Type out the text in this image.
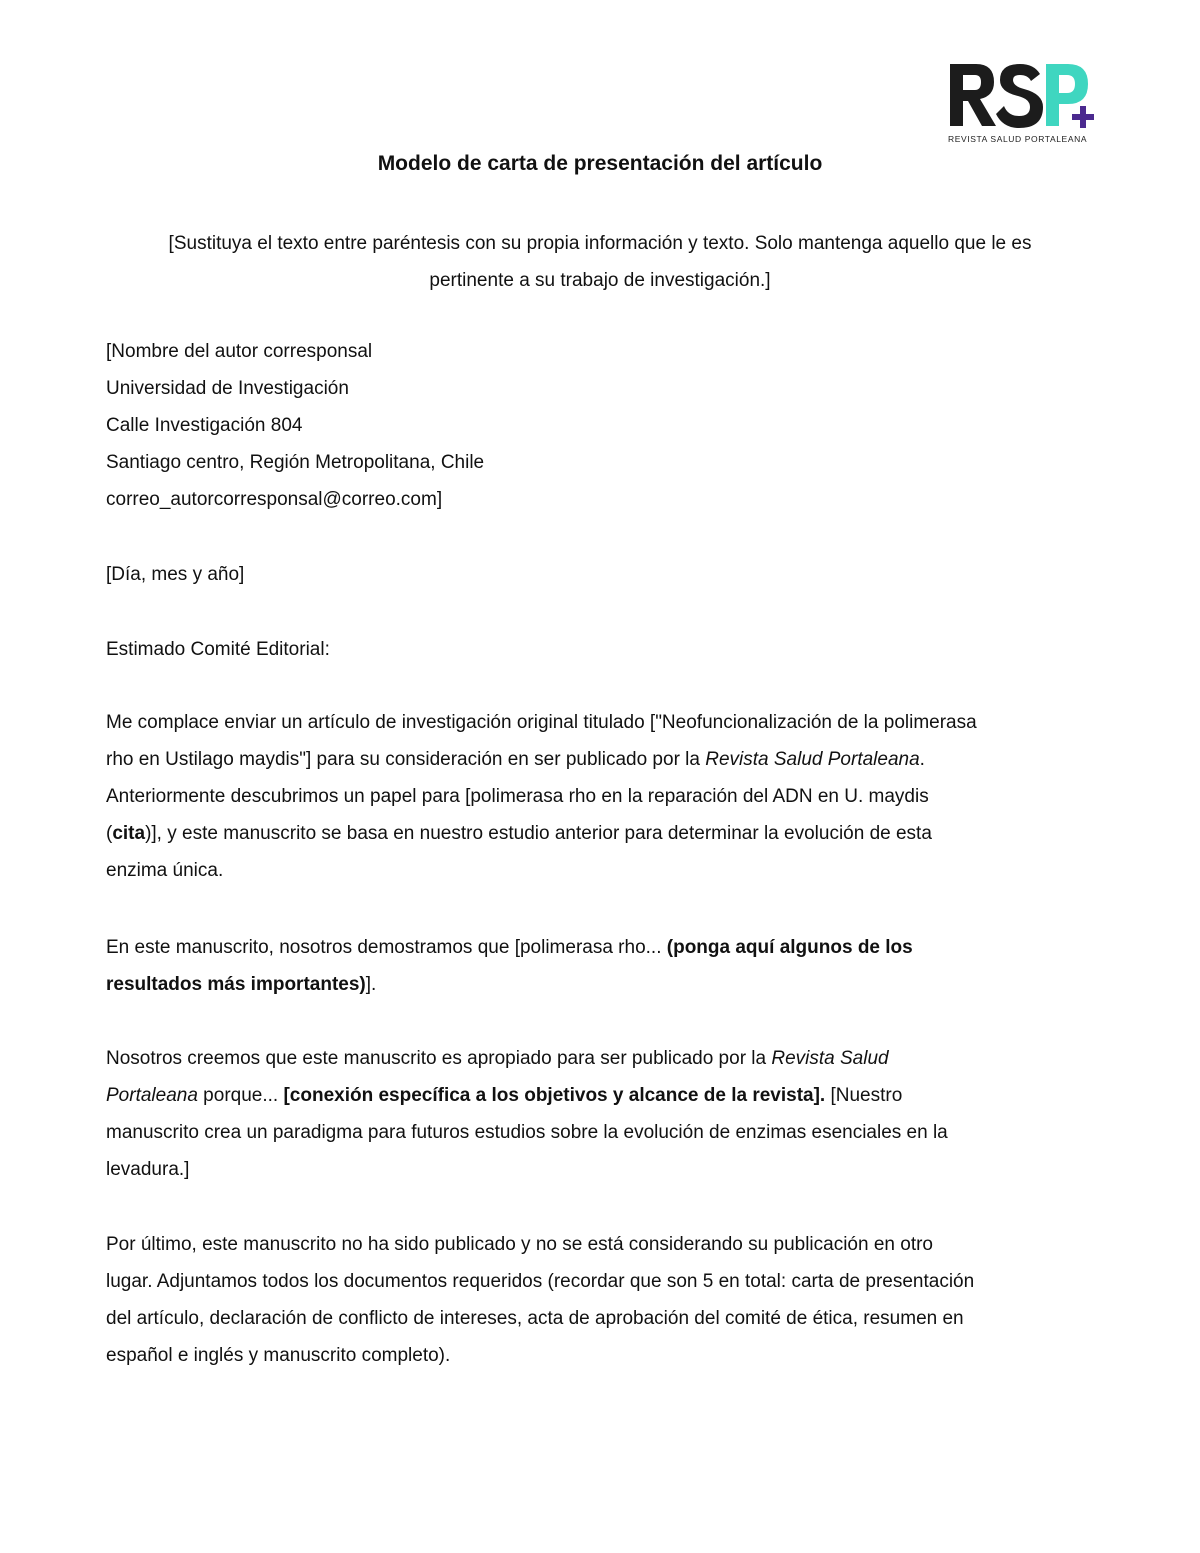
REVISTA SALUD PORTALEANA
Modelo de carta de presentación del artículo
[Sustituya el texto entre paréntesis con su propia información y texto. Solo mantenga aquello que le es
pertinente a su trabajo de investigación.]
[Nombre del autor corresponsal
Universidad de Investigación
Calle Investigación 804
Santiago centro, Región Metropolitana, Chile
correo_autorcorresponsal@correo.com]
[Día, mes y año]
Estimado Comité Editorial:
Me complace enviar un artículo de investigación original titulado ["Neofuncionalización de la polimerasa
rho en Ustilago maydis"] para su consideración en ser publicado por la Revista Salud Portaleana.
Anteriormente descubrimos un papel para [polimerasa rho en la reparación del ADN en U. maydis
(cita)], y este manuscrito se basa en nuestro estudio anterior para determinar la evolución de esta
enzima única.
En este manuscrito, nosotros demostramos que [polimerasa rho... (ponga aquí algunos de los
resultados más importantes)].
Nosotros creemos que este manuscrito es apropiado para ser publicado por la Revista Salud
Portaleana porque... [conexión específica a los objetivos y alcance de la revista]. [Nuestro
manuscrito crea un paradigma para futuros estudios sobre la evolución de enzimas esenciales en la
levadura.]
Por último, este manuscrito no ha sido publicado y no se está considerando su publicación en otro
lugar. Adjuntamos todos los documentos requeridos (recordar que son 5 en total: carta de presentación
del artículo, declaración de conflicto de intereses, acta de aprobación del comité de ética, resumen en
español e inglés y manuscrito completo).
